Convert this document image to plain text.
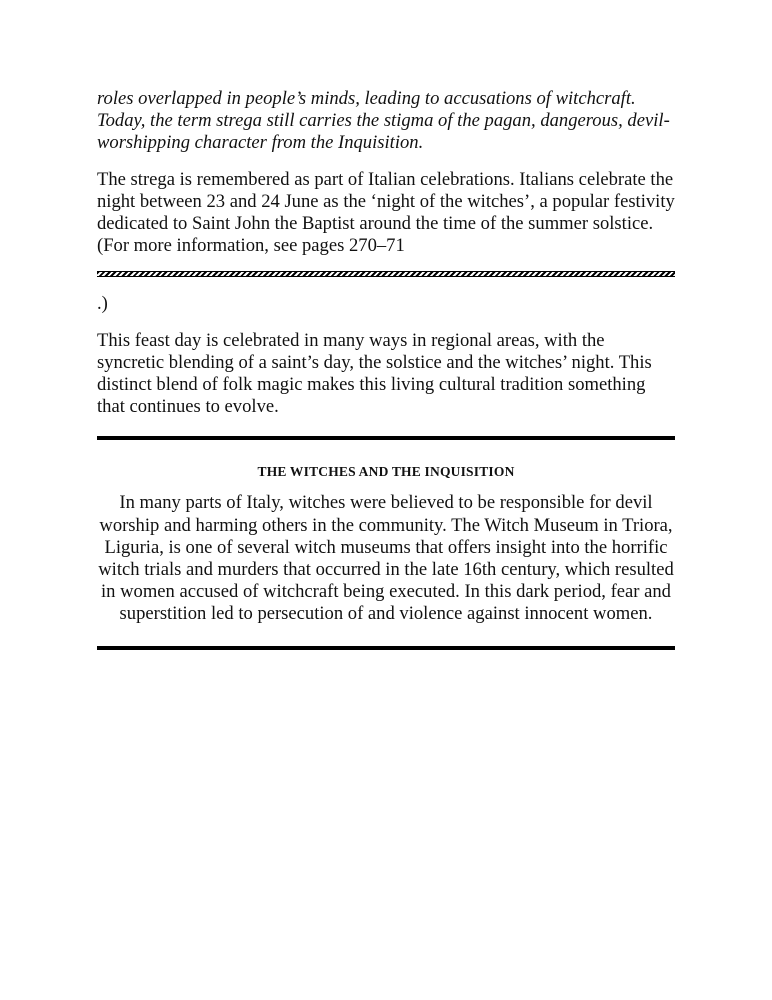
roles overlapped in people’s minds, leading to accusations of witchcraft. Today, the term strega still carries the stigma of the pagan, dangerous, devil-worshipping character from the Inquisition.

The strega is remembered as part of Italian celebrations. Italians celebrate the night between 23 and 24 June as the ‘night of the witches’, a popular festivity dedicated to Saint John the Baptist around the time of the summer solstice. (For more information, see pages 270–71

.)

This feast day is celebrated in many ways in regional areas, with the syncretic blending of a saint’s day, the solstice and the witches’ night. This distinct blend of folk magic makes this living cultural tradition something that continues to evolve.

THE WITCHES AND THE INQUISITION

In many parts of Italy, witches were believed to be responsible for devil worship and harming others in the community. The Witch Museum in Triora, Liguria, is one of several witch museums that offers insight into the horrific witch trials and murders that occurred in the late 16th century, which resulted in women accused of witchcraft being executed. In this dark period, fear and superstition led to persecution of and violence against innocent women.
